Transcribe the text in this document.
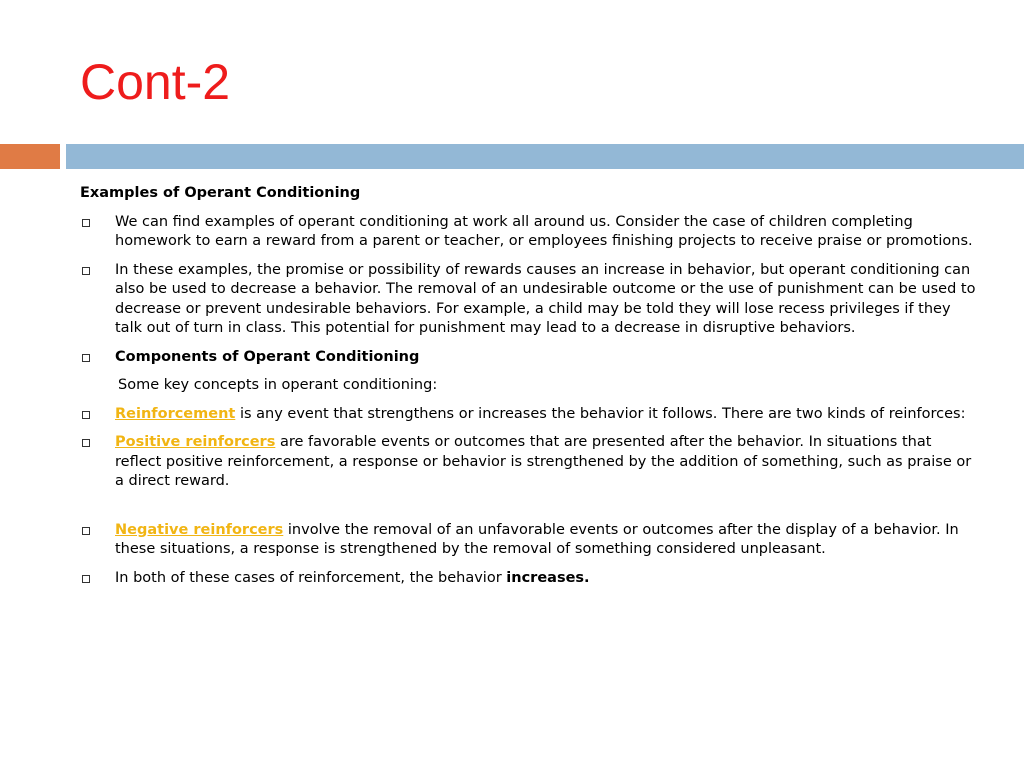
Cont-2
Examples of Operant Conditioning
We can find examples of operant conditioning at work all around us. Consider the case of children completing homework to earn a reward from a parent or teacher, or employees finishing projects to receive praise or promotions.
In these examples, the promise or possibility of rewards causes an increase in behavior, but operant conditioning can also be used to decrease a behavior. The removal of an undesirable outcome or the use of punishment can be used to decrease or prevent undesirable behaviors. For example, a child may be told they will lose recess privileges if they talk out of turn in class. This potential for punishment may lead to a decrease in disruptive behaviors.
Components of Operant Conditioning
Some key concepts in operant conditioning:
Reinforcement is any event that strengthens or increases the behavior it follows. There are two kinds of reinforces:
Positive reinforcers are favorable events or outcomes that are presented after the behavior. In situations that reflect positive reinforcement, a response or behavior is strengthened by the addition of something, such as praise or a direct reward.
Negative reinforcers involve the removal of an unfavorable events or outcomes after the display of a behavior. In these situations, a response is strengthened by the removal of something considered unpleasant.
In both of these cases of reinforcement, the behavior increases.
